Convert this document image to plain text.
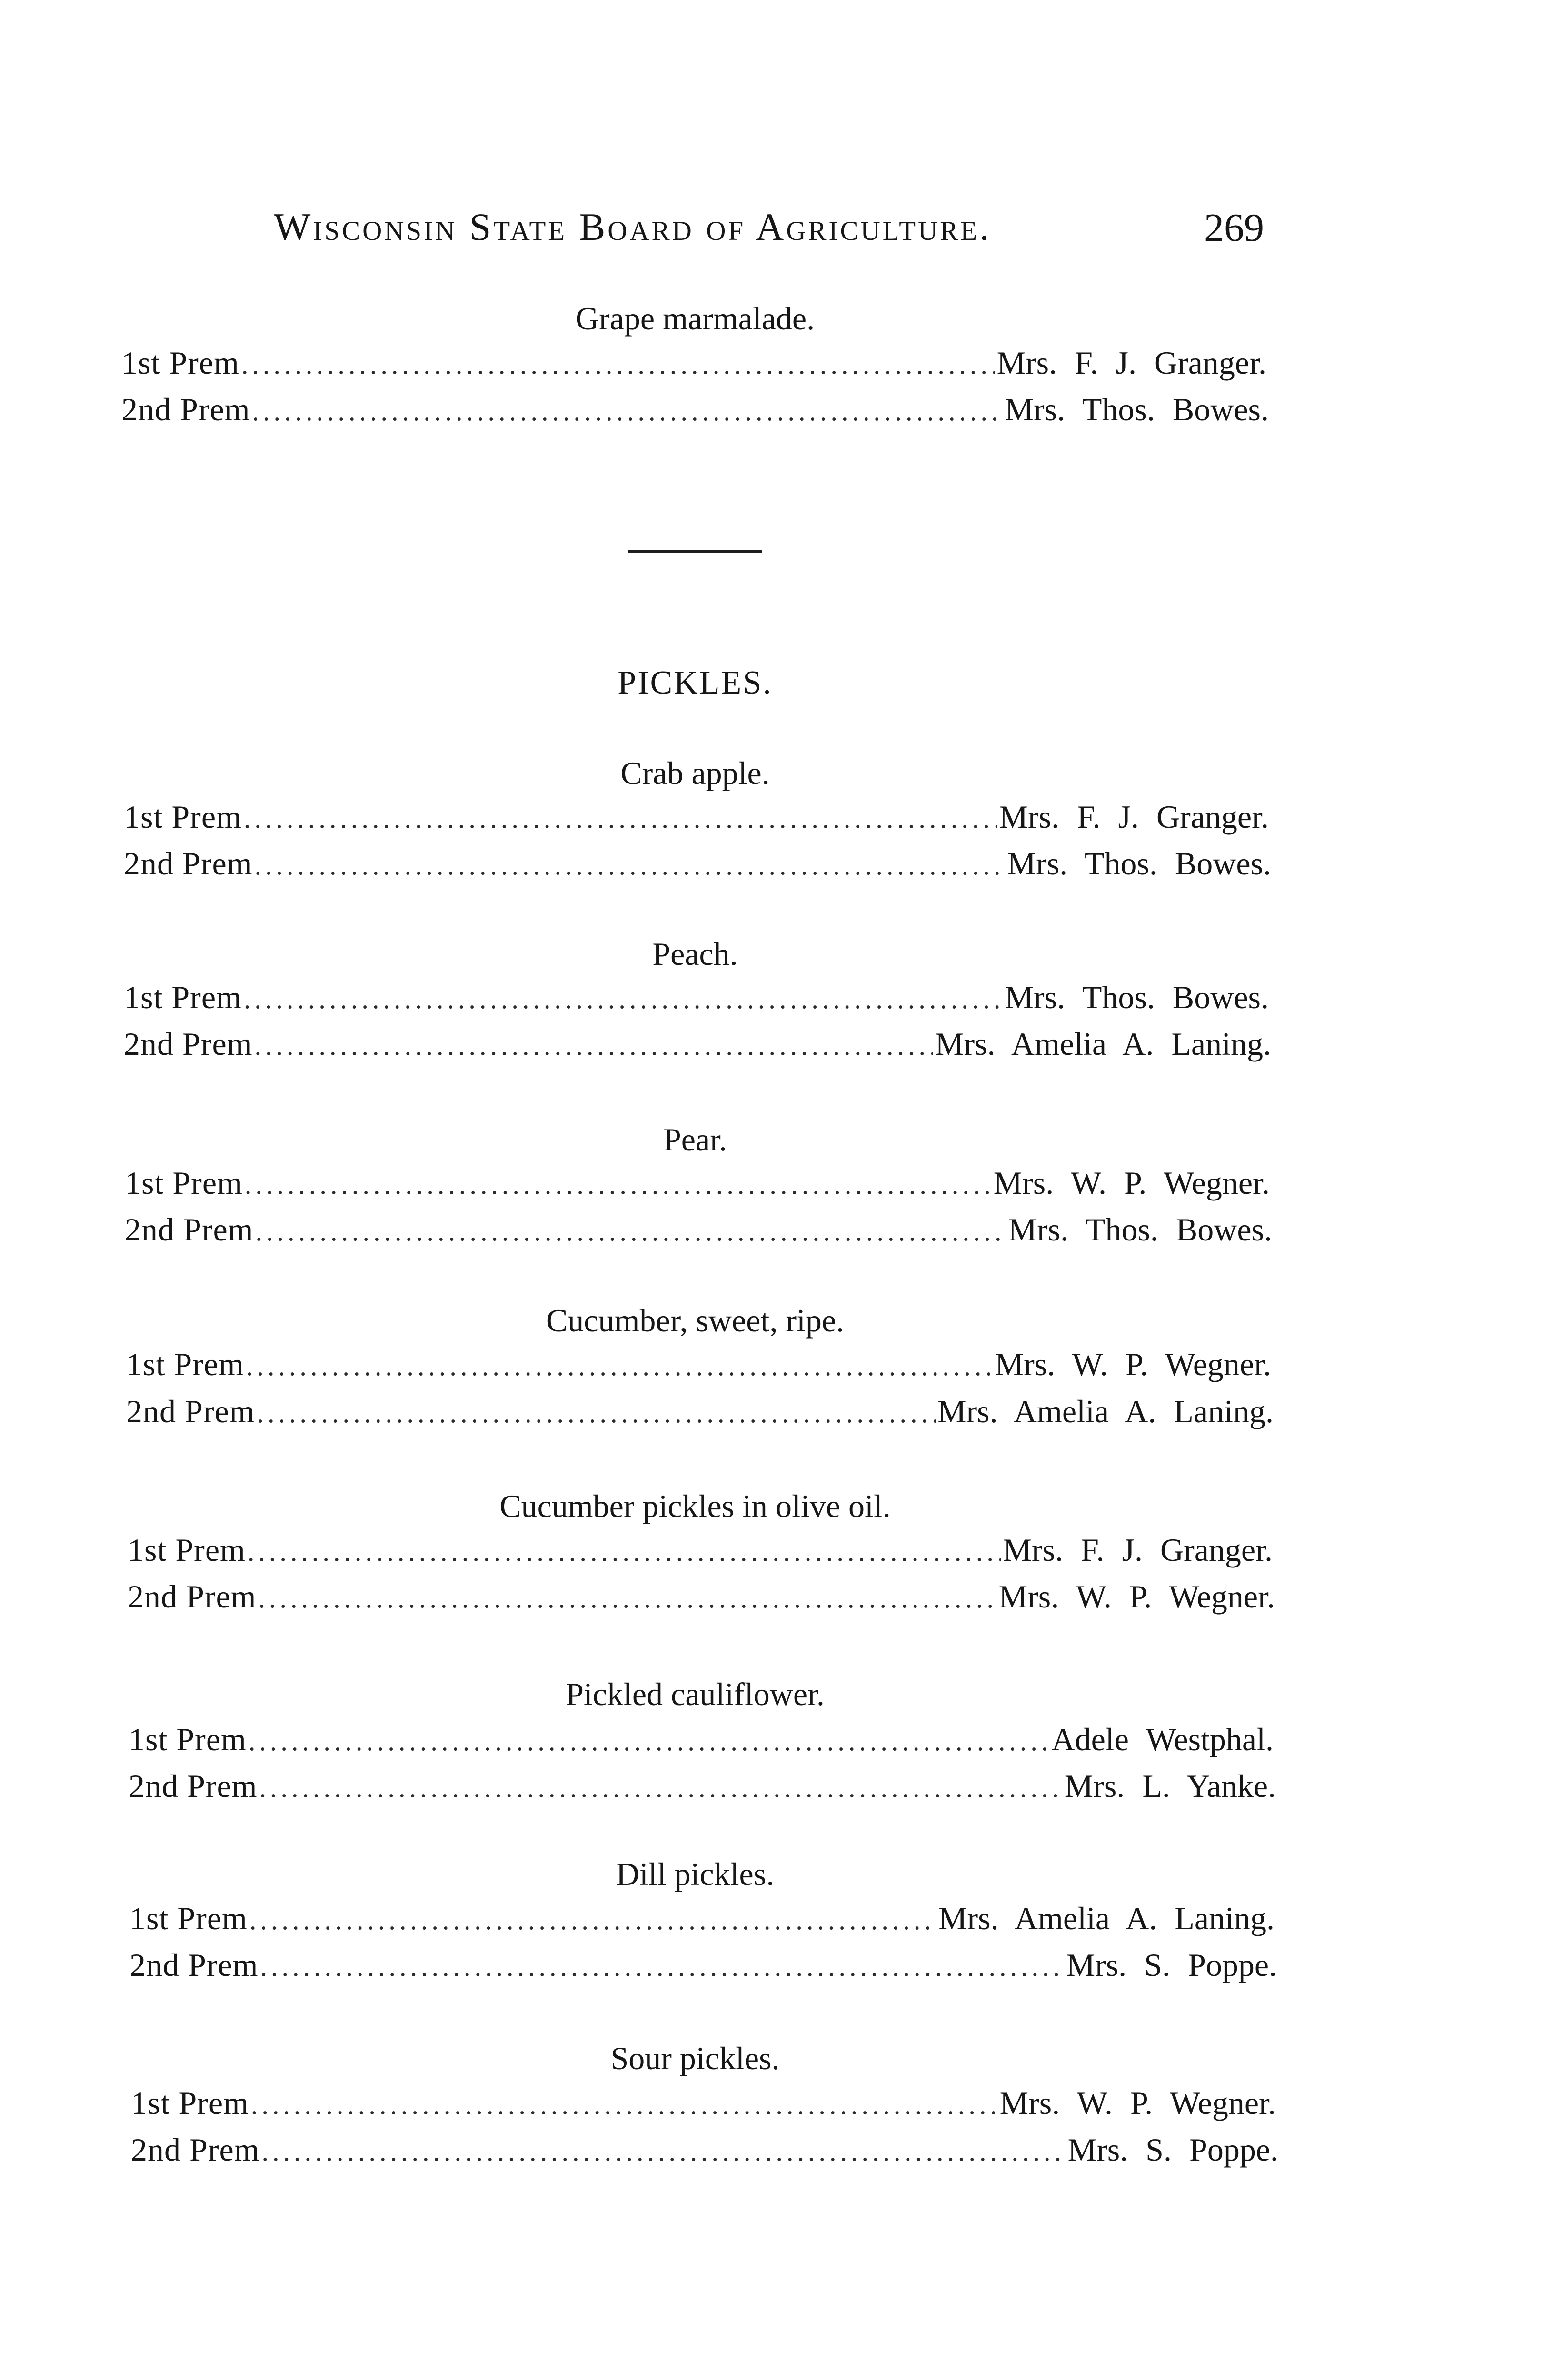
Wisconsin State Board of Agriculture.	269
Grape marmalade.
1st Prem .....	Mrs. F. J. Granger.
2nd Prem .....	Mrs. Thos. Bowes.
PICKLES.
Crab apple.
1st Prem .....	Mrs. F. J. Granger.
2nd Prem .....	Mrs. Thos. Bowes.
Peach.
1st Prem .....	Mrs. Thos. Bowes.
2nd Prem .....	Mrs. Amelia A. Laning.
Pear.
1st Prem .....	Mrs. W. P. Wegner.
2nd Prem .....	Mrs. Thos. Bowes.
Cucumber, sweet, ripe.
1st Prem .....	Mrs. W. P. Wegner.
2nd Prem .....	Mrs. Amelia A. Laning.
Cucumber pickles in olive oil.
1st Prem .....	Mrs. F. J. Granger.
2nd Prem .....	Mrs. W. P. Wegner.
Pickled cauliflower.
1st Prem .....	Adele Westphal.
2nd Prem .....	Mrs. L. Yanke.
Dill pickles.
1st Prem .....	Mrs. Amelia A. Laning.
2nd Prem .....	Mrs. S. Poppe.
Sour pickles.
1st Prem .....	Mrs. W. P. Wegner.
2nd Prem .....	Mrs. S. Poppe.
